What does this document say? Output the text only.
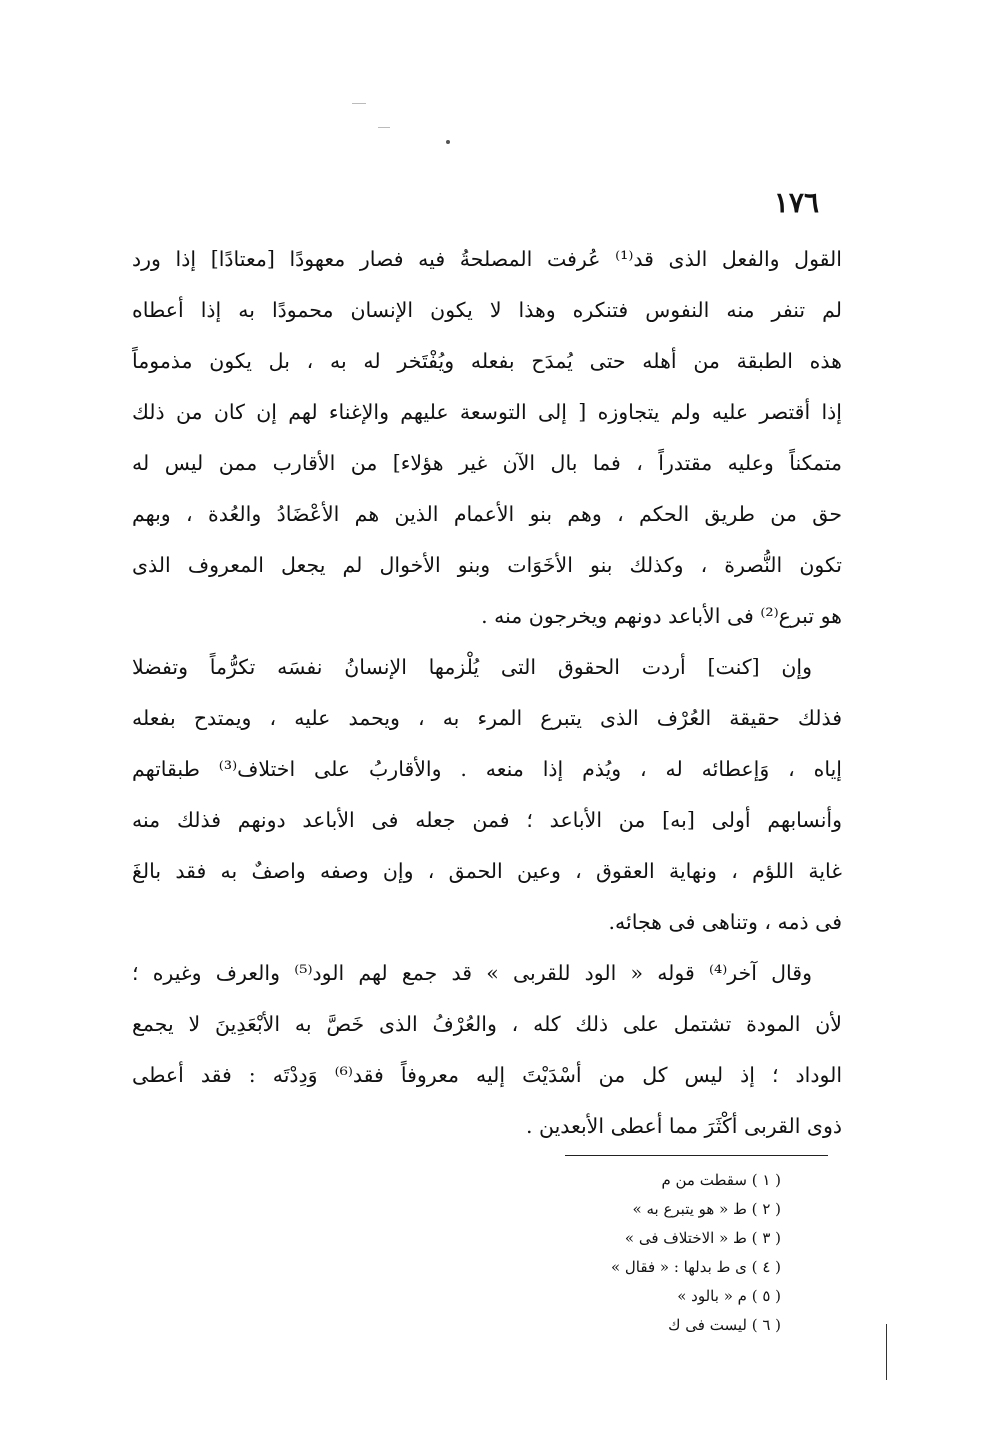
١٧٦
القول والفعل الذى قد⁽¹⁾ عُرفت المصلحةُ فيه فصار معهودًا [معتادًا] إذا ورد
لم تنفر منه النفوس فتنكره وهذا لا يكون الإنسان محمودًا به إذا أعطاه
هذه الطبقة من أهله حتى يُمدَح بفعله ويُفْتَخر له به ، بل يكون مذموماً
إذا أقتصر عليه ولم يتجاوزه [ إلى التوسعة عليهم والإغناء لهم إن كان من ذلك
متمكناً وعليه مقتدراً ، فما بال الآن غير هؤلاء] من الأقارب ممن ليس له
حق من طريق الحكم ، وهم بنو الأعمام الذين هم الأعْضَادُ والعُدة ، وبهم
تكون النُّصرة ، وكذلك بنو الأخَوَات وبنو الأخوال لم يجعل المعروف الذى
هو تبرع⁽²⁾ فى الأباعد دونهم ويخرجون منه .
وإن [كنت] أردت الحقوق التى يُلْزمها الإنسانُ نفسَه تكرُّماً وتفضلا
فذلك حقيقة العُرْف الذى يتبرع المرء به ، ويحمد عليه ، ويمتدح بفعله
إياه ، وَإعطائه له ، ويُذم إذا منعه . والأقاربُ على اختلاف⁽³⁾ طبقاتهم
وأنسابهم أولى [به] من الأباعد ؛ فمن جعله فى الأباعد دونهم فذلك منه
غاية اللؤم ، ونهاية العقوق ، وعين الحمق ، وإن وصفه واصفٌ به فقد بالغَ
فى ذمه ، وتناهى فى هجائه.
وقال آخر⁽⁴⁾ قوله « الود للقربى » قد جمع لهم الود⁽⁵⁾ والعرف وغيره ؛
لأن المودة تشتمل على ذلك كله ، والعُرْفُ الذى خَصَّ به الأبْعَدِينَ لا يجمع
الوداد ؛ إذ ليس كل من أسْدَيْتَ إليه معروفاً فقد⁽⁶⁾ وَدِدْتَه : فقد أعطى
ذوى القربى أكْثَرَ مما أعطى الأبعدين .
( ١ ) سقطت من م
( ٢ ) ط « هو يتبرع به »
( ٣ ) ط « الاختلاف فى »
( ٤ ) ى ط بدلها : « فقال »
( ٥ ) م « بالود »
( ٦ ) ليست فى ك
